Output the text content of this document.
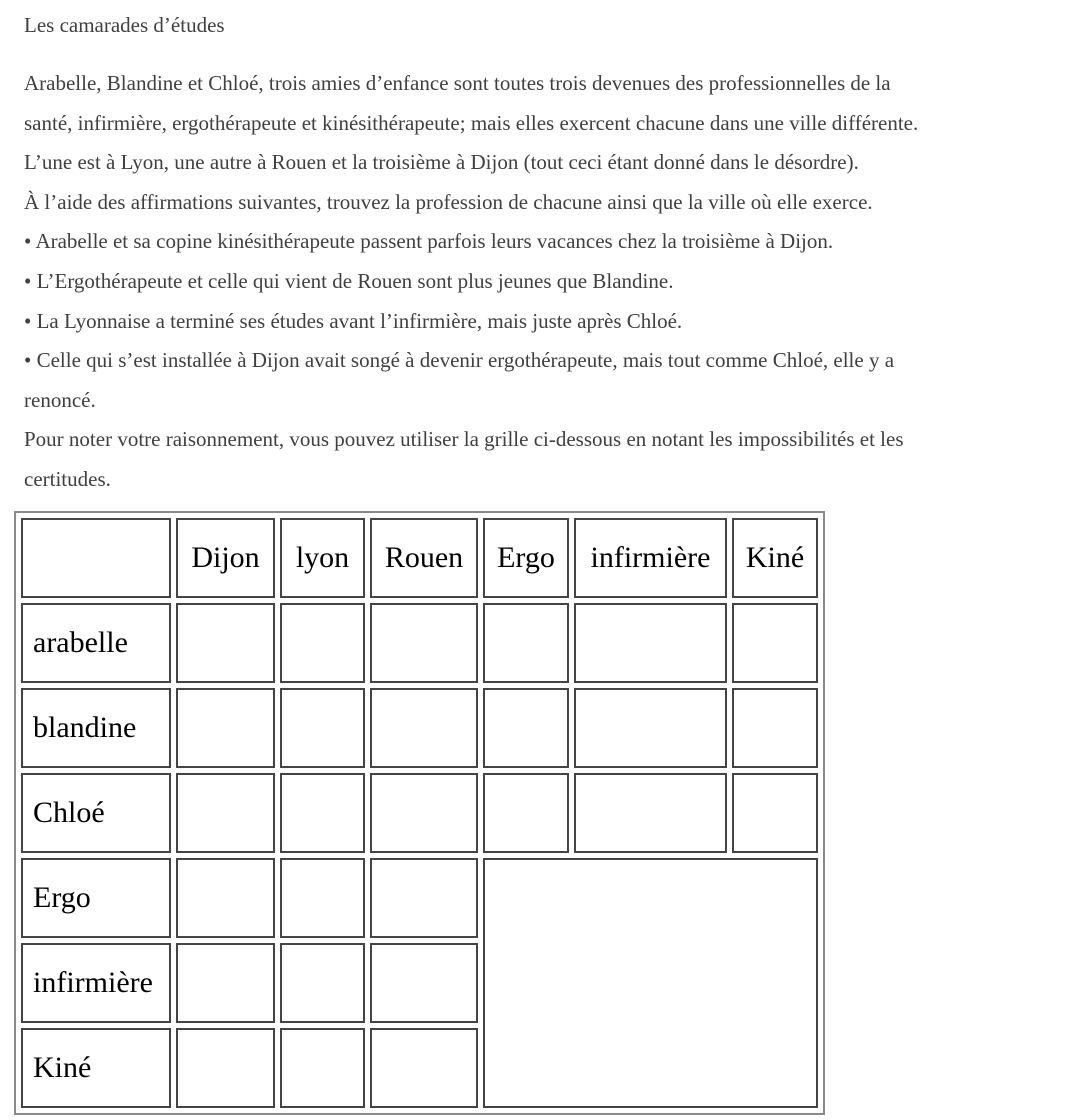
Les camarades d’études
Arabelle, Blandine et Chloé, trois amies d’enfance sont toutes trois devenues des professionnelles de la
santé, infirmière, ergothérapeute et kinésithérapeute; mais elles exercent chacune dans une ville différente.
L’une est à Lyon, une autre à Rouen et la troisième à Dijon (tout ceci étant donné dans le désordre).
À l’aide des affirmations suivantes, trouvez la profession de chacune ainsi que la ville où elle exerce.
• Arabelle et sa copine kinésithérapeute passent parfois leurs vacances chez la troisième à Dijon.
• L’Ergothérapeute et celle qui vient de Rouen sont plus jeunes que Blandine.
• La Lyonnaise a terminé ses études avant l’infirmière, mais juste après Chloé.
• Celle qui s’est installée à Dijon avait songé à devenir ergothérapeute, mais tout comme Chloé, elle y a
renoncé.
Pour noter votre raisonnement, vous pouvez utiliser la grille ci-dessous en notant les impossibilités et les
certitudes.
	Dijon	lyon	Rouen	Ergo	infirmière	Kiné
arabelle						
blandine						
Chloé						
Ergo						
infirmière						
Kiné						
